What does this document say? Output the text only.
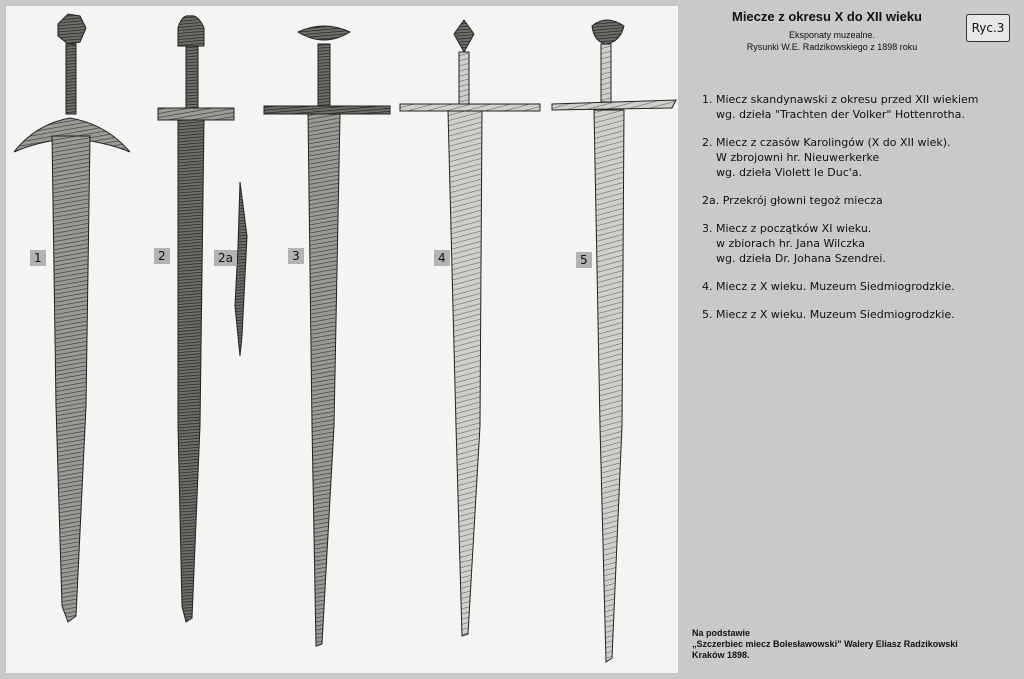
1	2	2a	3	4	5
Miecze z okresu X do XII wieku
Ryc.3
Eksponaty muzealne.
Rysunki W.E. Radzikowskiego z 1898 roku
1. Miecz skandynawski z okresu przed XII wiekiem
wg. dzieła "Trachten der Volker" Hottenrotha.
2. Miecz z czasów Karolingów (X do XII wiek).
W zbrojowni hr. Nieuwerkerke
wg. dzieła Violett le Duc'a.
2a. Przekrój głowni tegoż miecza
3. Miecz z początków XI wieku.
w zbiorach hr. Jana Wilczka
wg. dzieła Dr. Johana Szendrei.
4. Miecz z X wieku. Muzeum Siedmiogrodzkie.
5. Miecz z X wieku. Muzeum Siedmiogrodzkie.
Na podstawie
„Szczerbiec miecz Bolesławowski” Walery Eliasz Radzikowski
Kraków 1898.
